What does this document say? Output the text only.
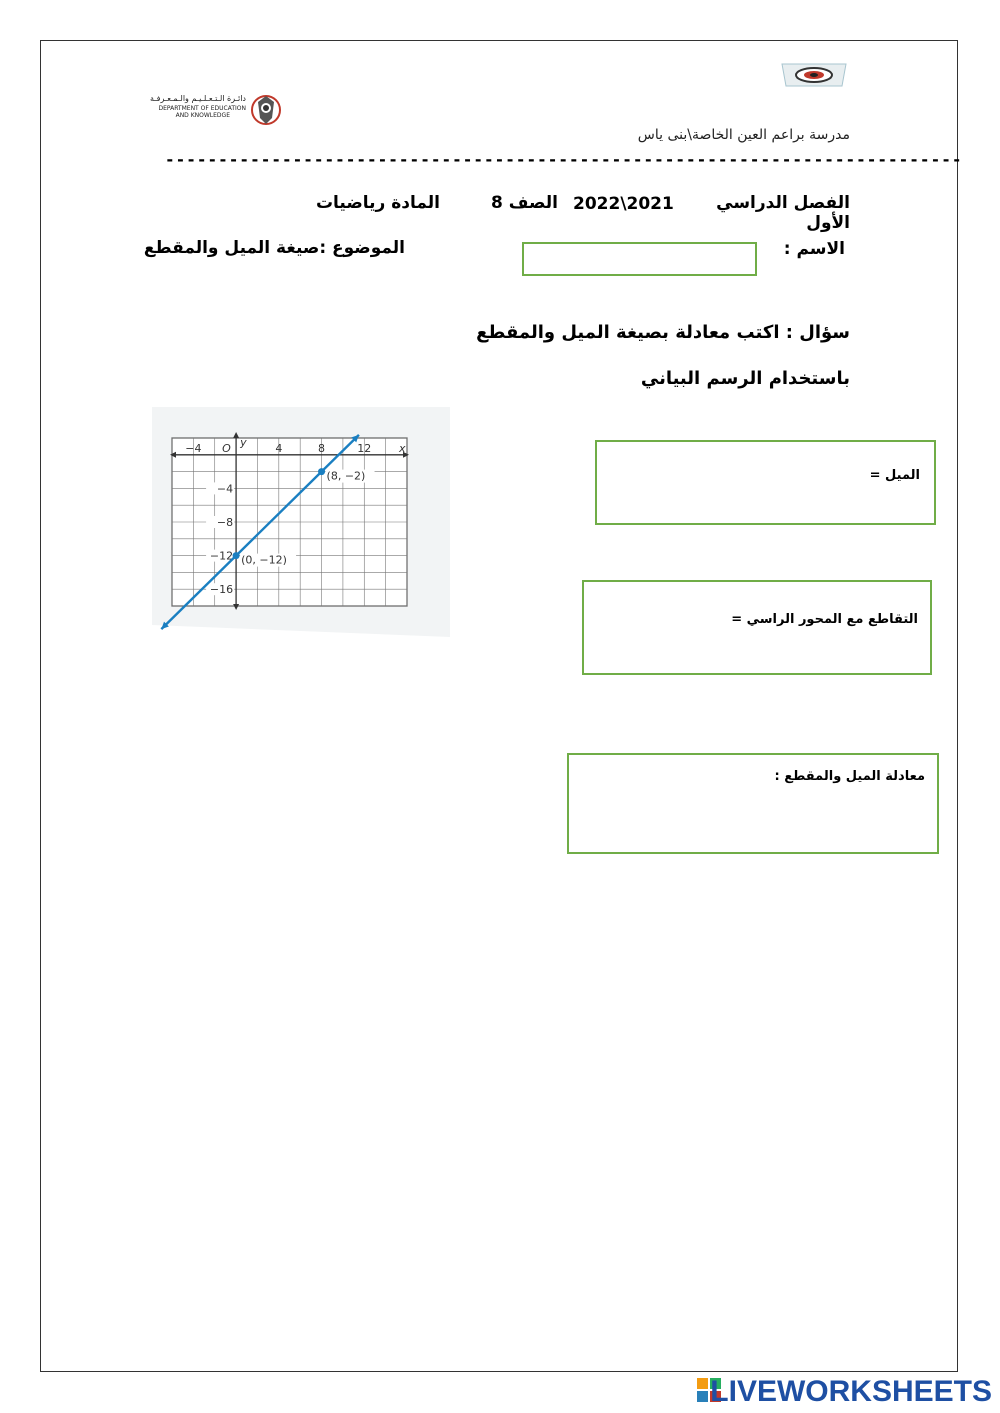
دائـرة الـتـعـلـيـم والـمـعـرفـة
DEPARTMENT OF EDUCATION
AND KNOWLEDGE
مدرسة براعم العين الخاصة\بنى ياس
---------------------------------------------------------------------------
الفصل الدراسي الأول
2022\2021
الصف 8
المادة رياضيات
الاسم :
الموضوع :صيغة الميل والمقطع
سؤال : اكتب معادلة بصيغة الميل والمقطع
باستخدام الرسم البياني
x
y
O
−4	4	8	12
−4
−8
−12
−16
(8, −2)
(0, −12)
الميل =
التقاطع مع المحور الراسي =
معادلة الميل والمقطع :
LIVEWORKSHEETS
